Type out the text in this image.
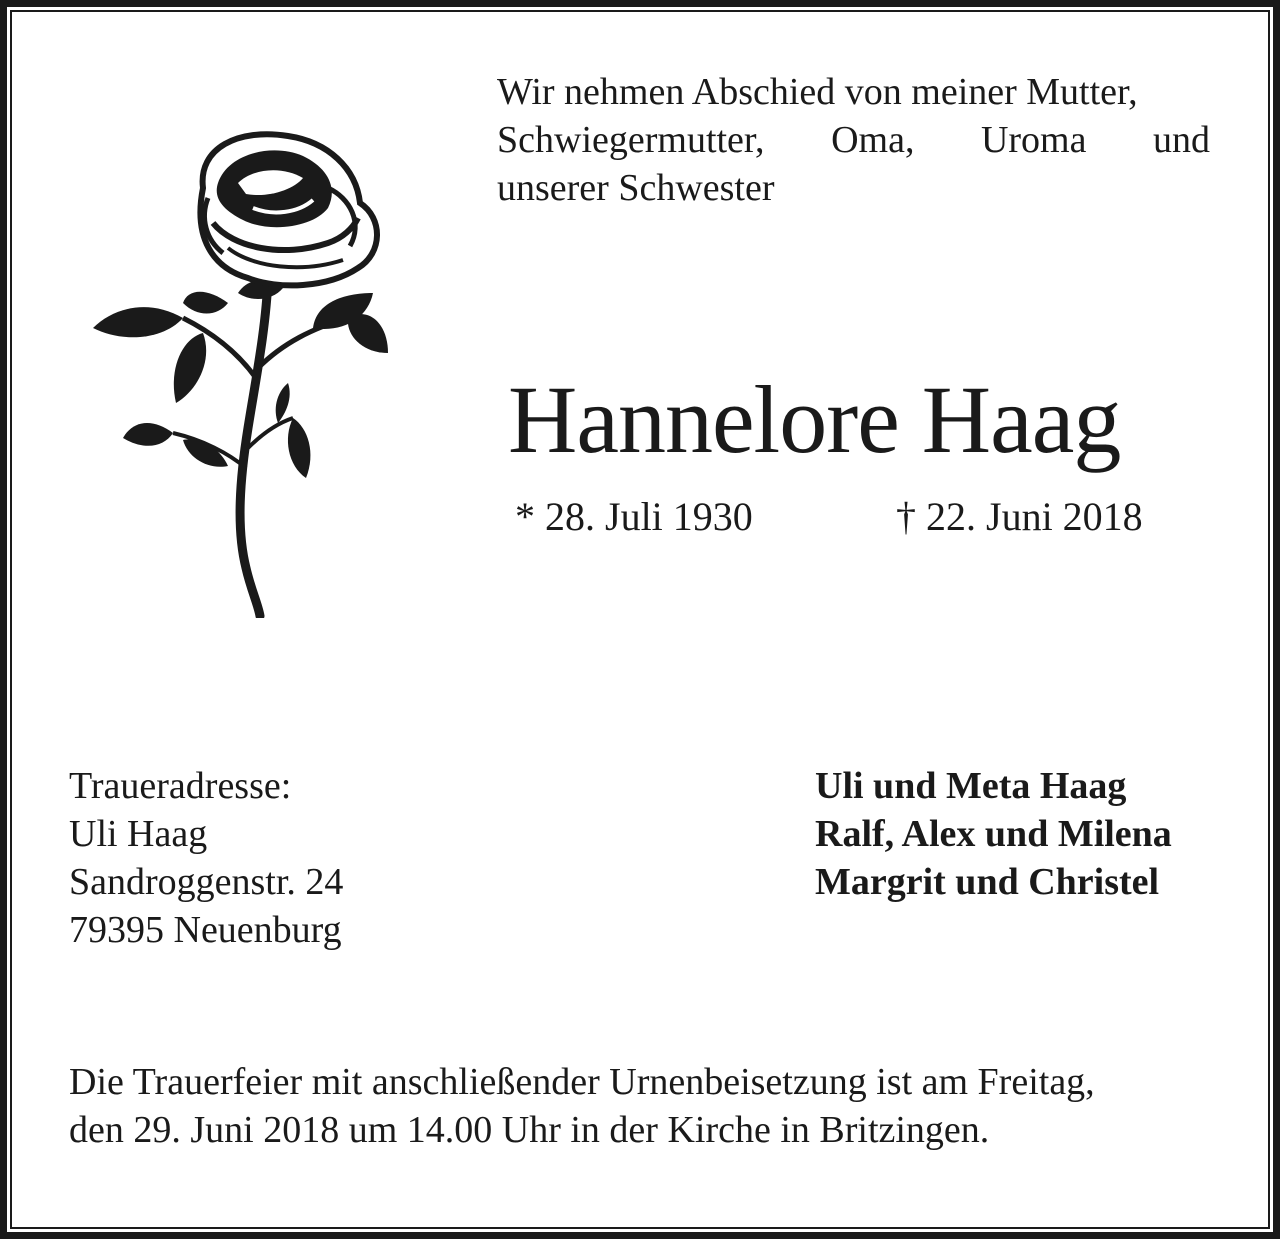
Wir nehmen Abschied von meiner Mutter,
Schwiegermutter, Oma, Uroma und
unserer Schwester
Hannelore Haag
* 28. Juli 1930	† 22. Juni 2018
Traueradresse:
Uli Haag
Sandroggenstr. 24
79395 Neuenburg
Uli und Meta Haag
Ralf, Alex und Milena
Margrit und Christel
Die Trauerfeier mit anschließender Urnenbeisetzung ist am Freitag,
den 29. Juni 2018 um 14.00 Uhr in der Kirche in Britzingen.
